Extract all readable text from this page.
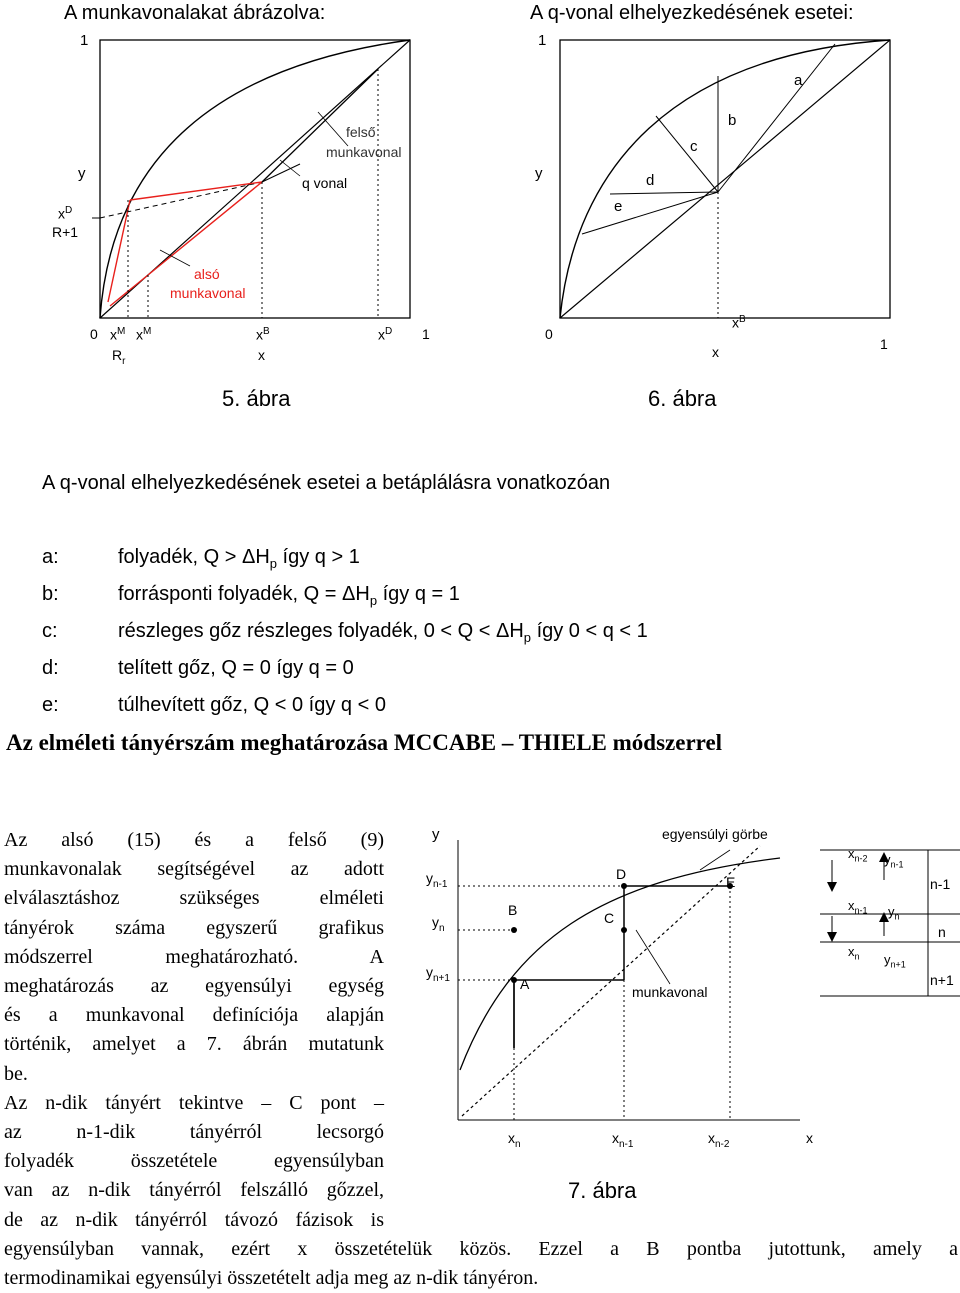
A munkavonalakat ábrázolva:	A q-vonal elhelyezkedésének esetei:
1
y
$x^D$
R+1
felső
munkavonal
q vonal
alsó
munkavonal
0 $x^M$ $x^M$	$x^B$	$x^D$ 1
$R_r$	x
5. ábra
1
y
a
b
c
d
e
0
$x^B$
x	1
6. ábra
A q-vonal elhelyezkedésének esetei a betáplálásra vonatkozóan
a:	folyadék, $Q > \Delta H_p$ így q > 1
b:	forrásponti folyadék, $Q = \Delta H_p$ így q = 1
c:	részleges gőz részleges folyadék, $0 < Q < \Delta H_p$ így 0 < q < 1
d:	telített gőz, Q = 0 így q = 0
e:	túlhevített gőz, Q < 0 így q < 0
Az elméleti tányérszám meghatározása MCCABE – THIELE módszerrel
Az alsó (15) és a felső (9)
munkavonalak segítségével az adott
elválasztáshoz szükséges elméleti
tányérok száma egyszerű grafikus
módszerrel meghatározható. A
meghatározás az egyensúlyi egység
és a munkavonal definíciója alapján
történik, amelyet a 7. ábrán mutatunk
be.
Az n-dik tányért tekintve – C pont –
az n-1-dik tányérról lecsorgó
folyadék összetétele egyensúlyban
van az n-dik tányérról felszálló gőzzel,
de az n-dik tányérról távozó fázisok is
y
$y_{n-1}$
$y_n$
$y_{n+1}$
egyensúlyi görbe
D	E
B	C
A	munkavonal
$x_n$	$x_{n-1}$	$x_{n-2}$	x
7. ábra
$x_{n-2}$ $y_{n-1}$
$x_{n-1}$ $y_n$
$x_n$ $y_{n+1}$
n-1
n
n+1
egyensúlyban vannak, ezért x összetételük közös. Ezzel a B pontba jutottunk, amely a
termodinamikai egyensúlyi összetételt adja meg az n-dik tányéron.
